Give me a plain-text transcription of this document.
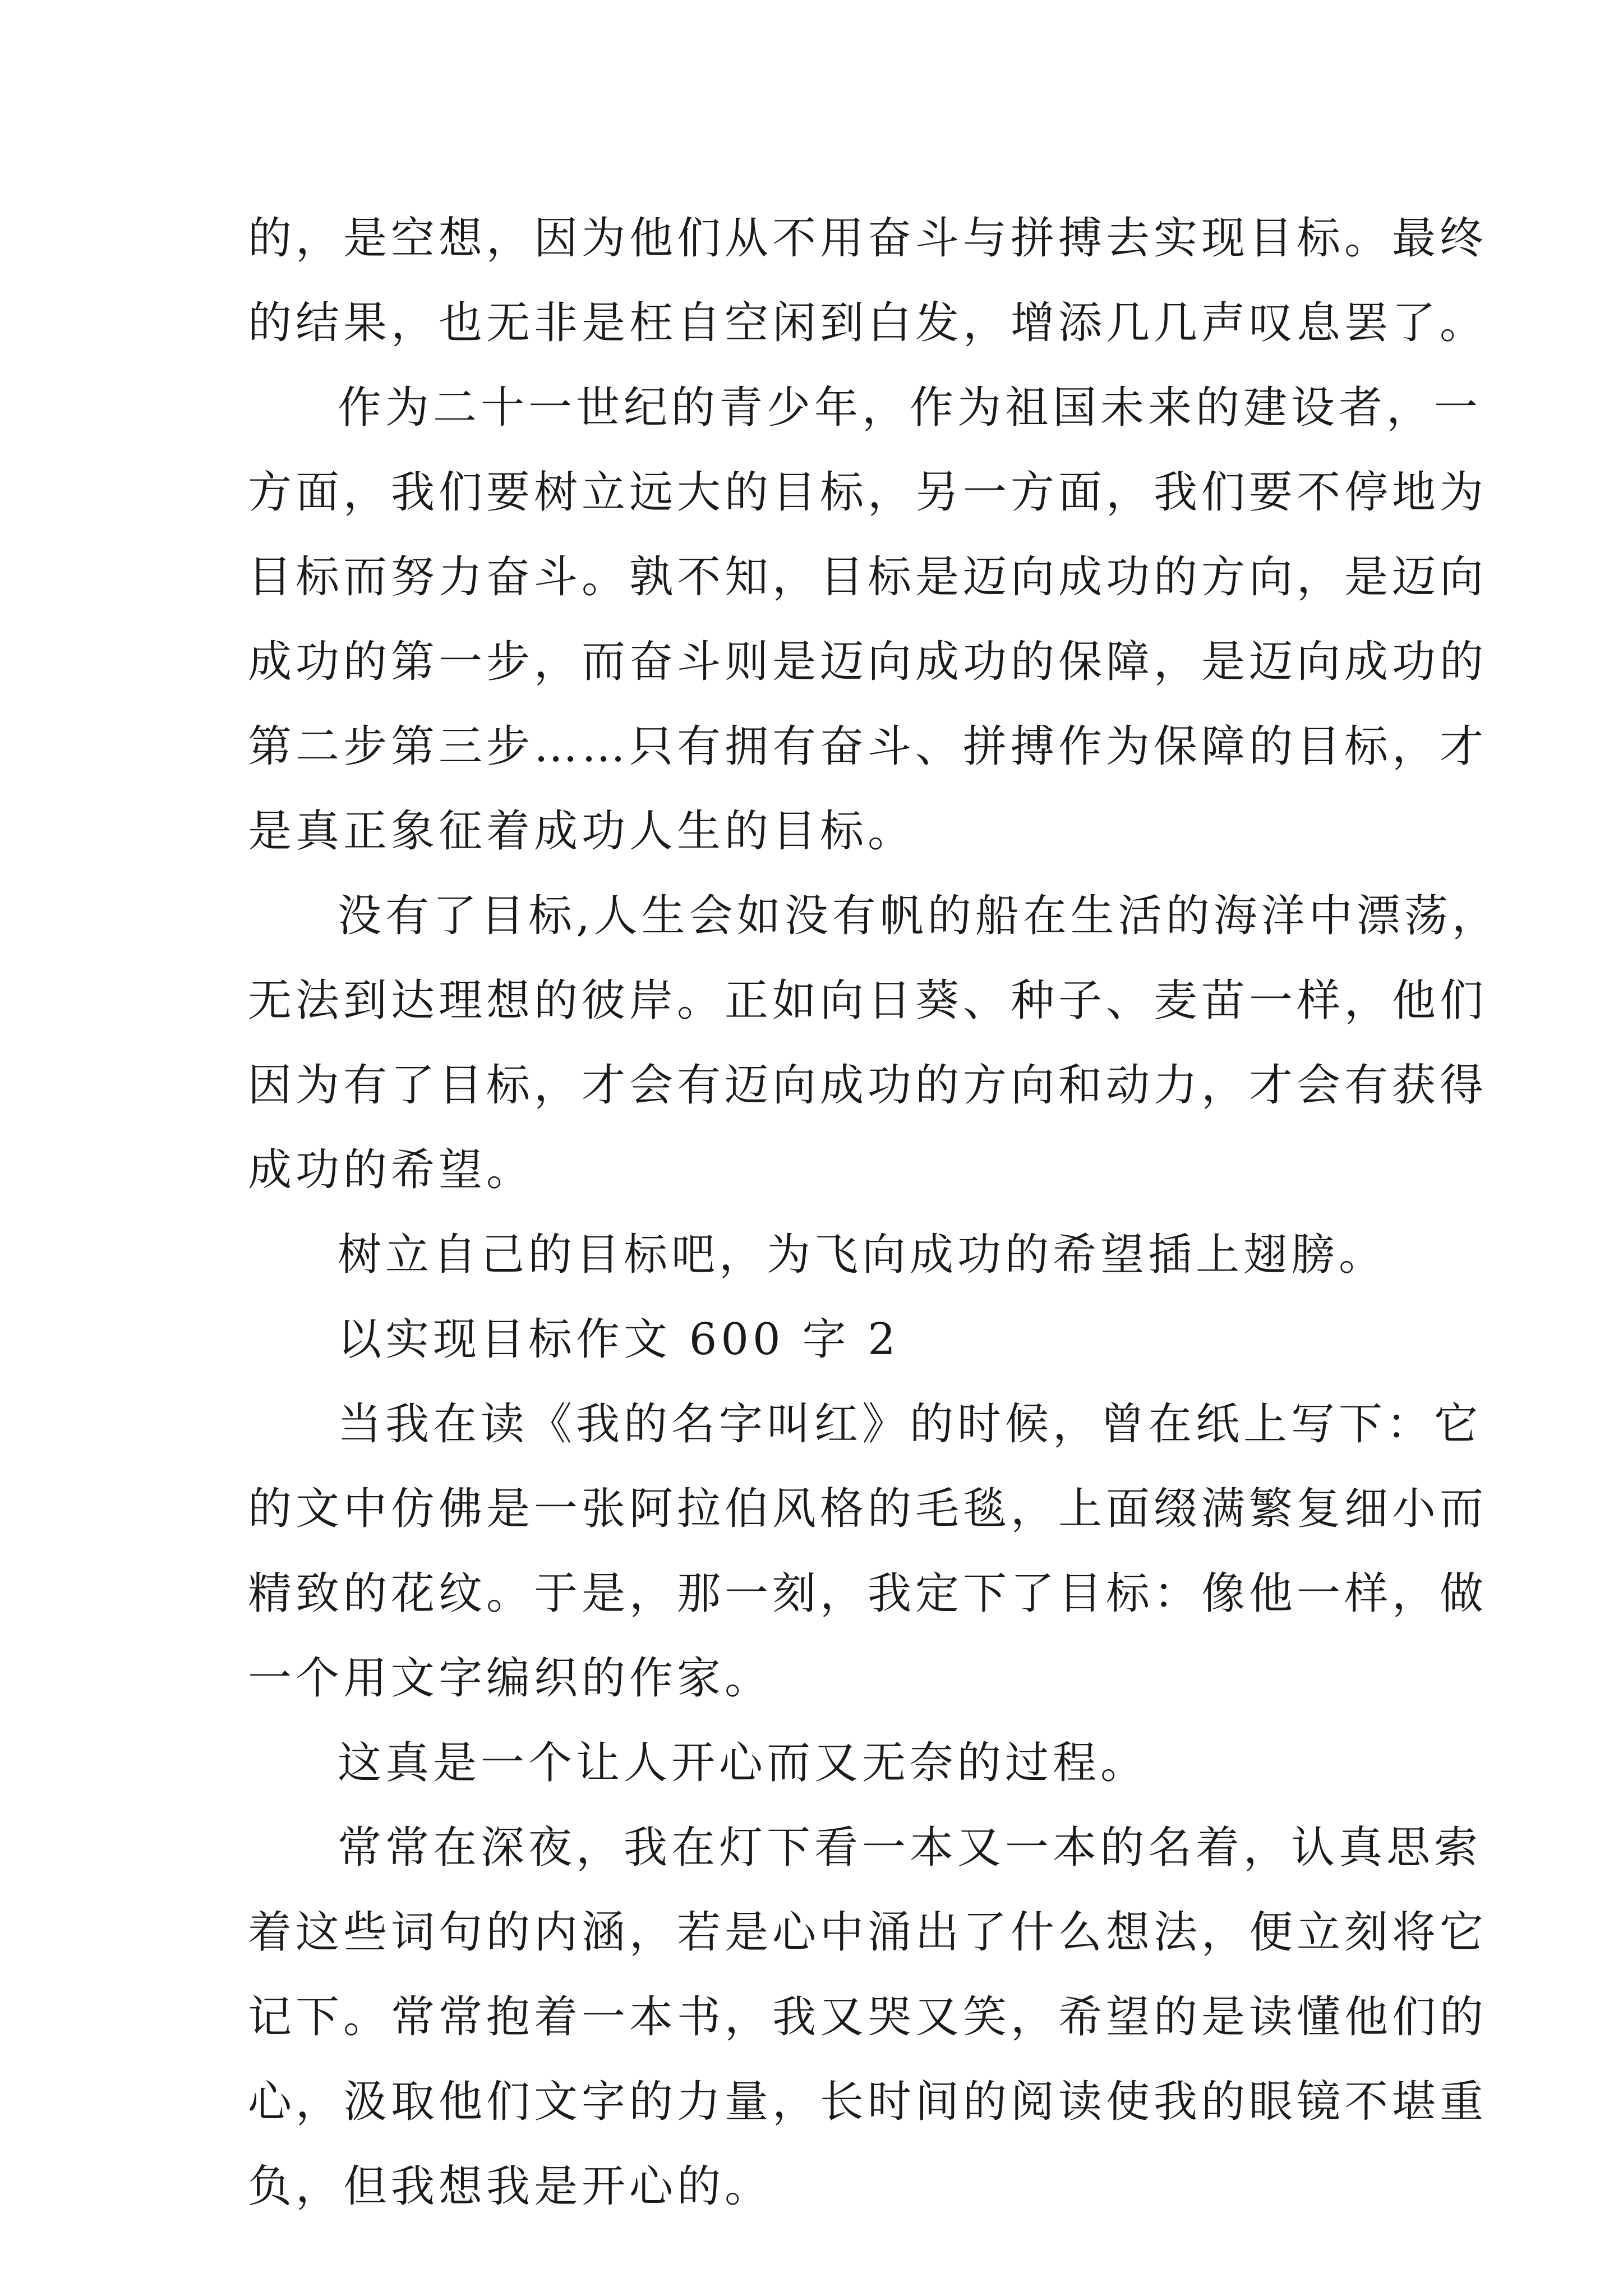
的，是空想，因为他们从不用奋斗与拼搏去实现目标。最终
的结果，也无非是枉自空闲到白发，增添几几声叹息罢了。
作为二十一世纪的青少年，作为祖国未来的建设者，一
方面，我们要树立远大的目标，另一方面，我们要不停地为
目标而努力奋斗。孰不知，目标是迈向成功的方向，是迈向
成功的第一步，而奋斗则是迈向成功的保障，是迈向成功的
第二步第三步……只有拥有奋斗、拼搏作为保障的目标，才
是真正象征着成功人生的目标。
没有了目标,人生会如没有帆的船在生活的海洋中漂荡，
无法到达理想的彼岸。正如向日葵、种子、麦苗一样，他们
因为有了目标，才会有迈向成功的方向和动力，才会有获得
成功的希望。
树立自己的目标吧，为飞向成功的希望插上翅膀。
以实现目标作文 600 字 2
当我在读《我的名字叫红》的时候，曾在纸上写下：它
的文中仿佛是一张阿拉伯风格的毛毯，上面缀满繁复细小而
精致的花纹。于是，那一刻，我定下了目标：像他一样，做
一个用文字编织的作家。
这真是一个让人开心而又无奈的过程。
常常在深夜，我在灯下看一本又一本的名着，认真思索
着这些词句的内涵，若是心中涌出了什么想法，便立刻将它
记下。常常抱着一本书，我又哭又笑，希望的是读懂他们的
心，汲取他们文字的力量，长时间的阅读使我的眼镜不堪重
负，但我想我是开心的。
